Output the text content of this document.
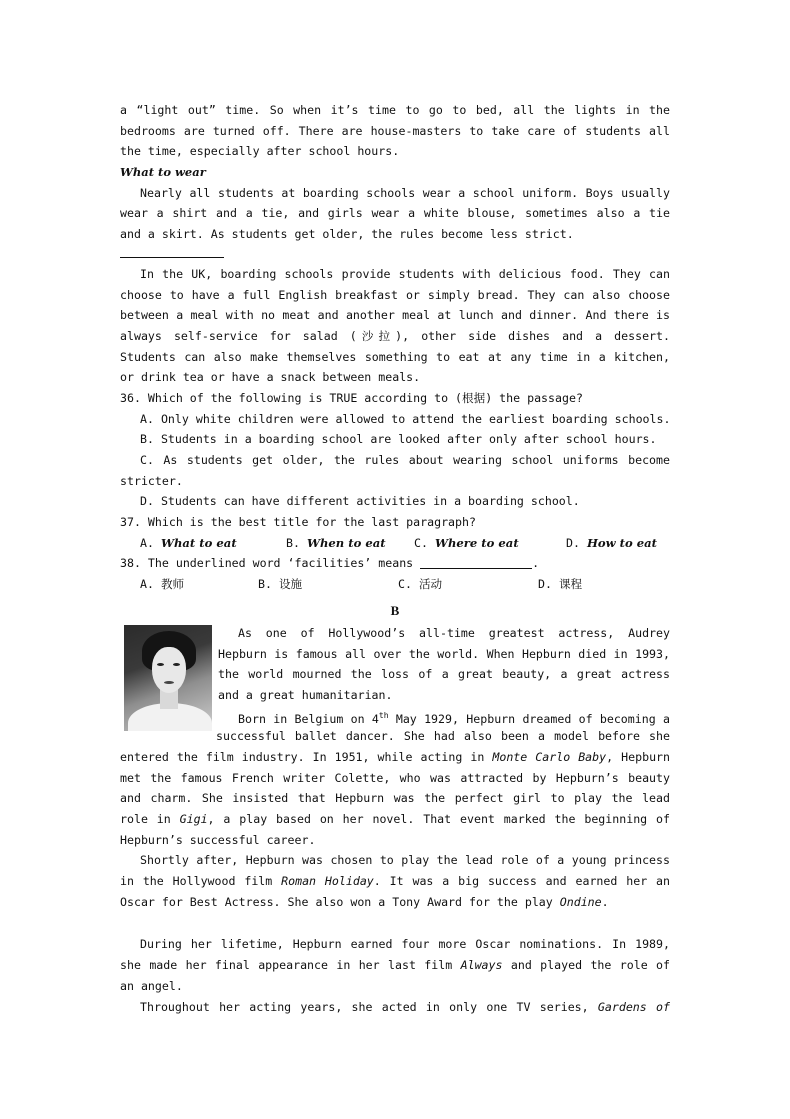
a “light out” time. So when it’s time to go to bed, all the lights in the
bedrooms are turned off. There are house-masters to take care of students all
the time, especially after school hours.
What to wear
Nearly all students at boarding schools wear a school uniform. Boys usually
wear a shirt and a tie, and girls wear a white blouse, sometimes also a tie
and a skirt. As students get older, the rules become less strict.
In the UK, boarding schools provide students with delicious food. They can
choose to have a full English breakfast or simply bread. They can also choose
between a meal with no meat and another meal at lunch and dinner. And there is
always self-service for salad (沙拉), other side dishes and a dessert.
Students can also make themselves something to eat at any time in a kitchen,
or drink tea or have a snack between meals.
36. Which of the following is TRUE according to (根据) the passage?
A. Only white children were allowed to attend the earliest boarding schools.
B. Students in a boarding school are looked after only after school hours.
C. As students get older, the rules about wearing school uniforms become
stricter.
D. Students can have different activities in a boarding school.
37. Which is the best title for the last paragraph?
A. What to eat	B. When to eat	C. Where to eat	D. How to eat
38. The underlined word ‘facilities’ means	.
A. 教师	B. 设施	C. 活动	D. 课程
B
As one of Hollywood’s all-time greatest actress, Audrey
Hepburn is famous all over the world. When Hepburn died in 1993,
the world mourned the loss of a great beauty, a great actress
and a great humanitarian.
Born in Belgium on 4th May 1929, Hepburn dreamed of becoming a
successful ballet dancer. She had also been a model before she
entered the film industry. In 1951, while acting in Monte Carlo Baby, Hepburn
met the famous French writer Colette, who was attracted by Hepburn’s beauty
and charm. She insisted that Hepburn was the perfect girl to play the lead
role in Gigi, a play based on her novel. That event marked the beginning of
Hepburn’s successful career.
Shortly after, Hepburn was chosen to play the lead role of a young princess
in the Hollywood film Roman Holiday. It was a big success and earned her an
Oscar for Best Actress. She also won a Tony Award for the play Ondine.
During her lifetime, Hepburn earned four more Oscar nominations. In 1989,
she made her final appearance in her last film Always and played the role of
an angel.
Throughout her acting years, she acted in only one TV series, Gardens of
